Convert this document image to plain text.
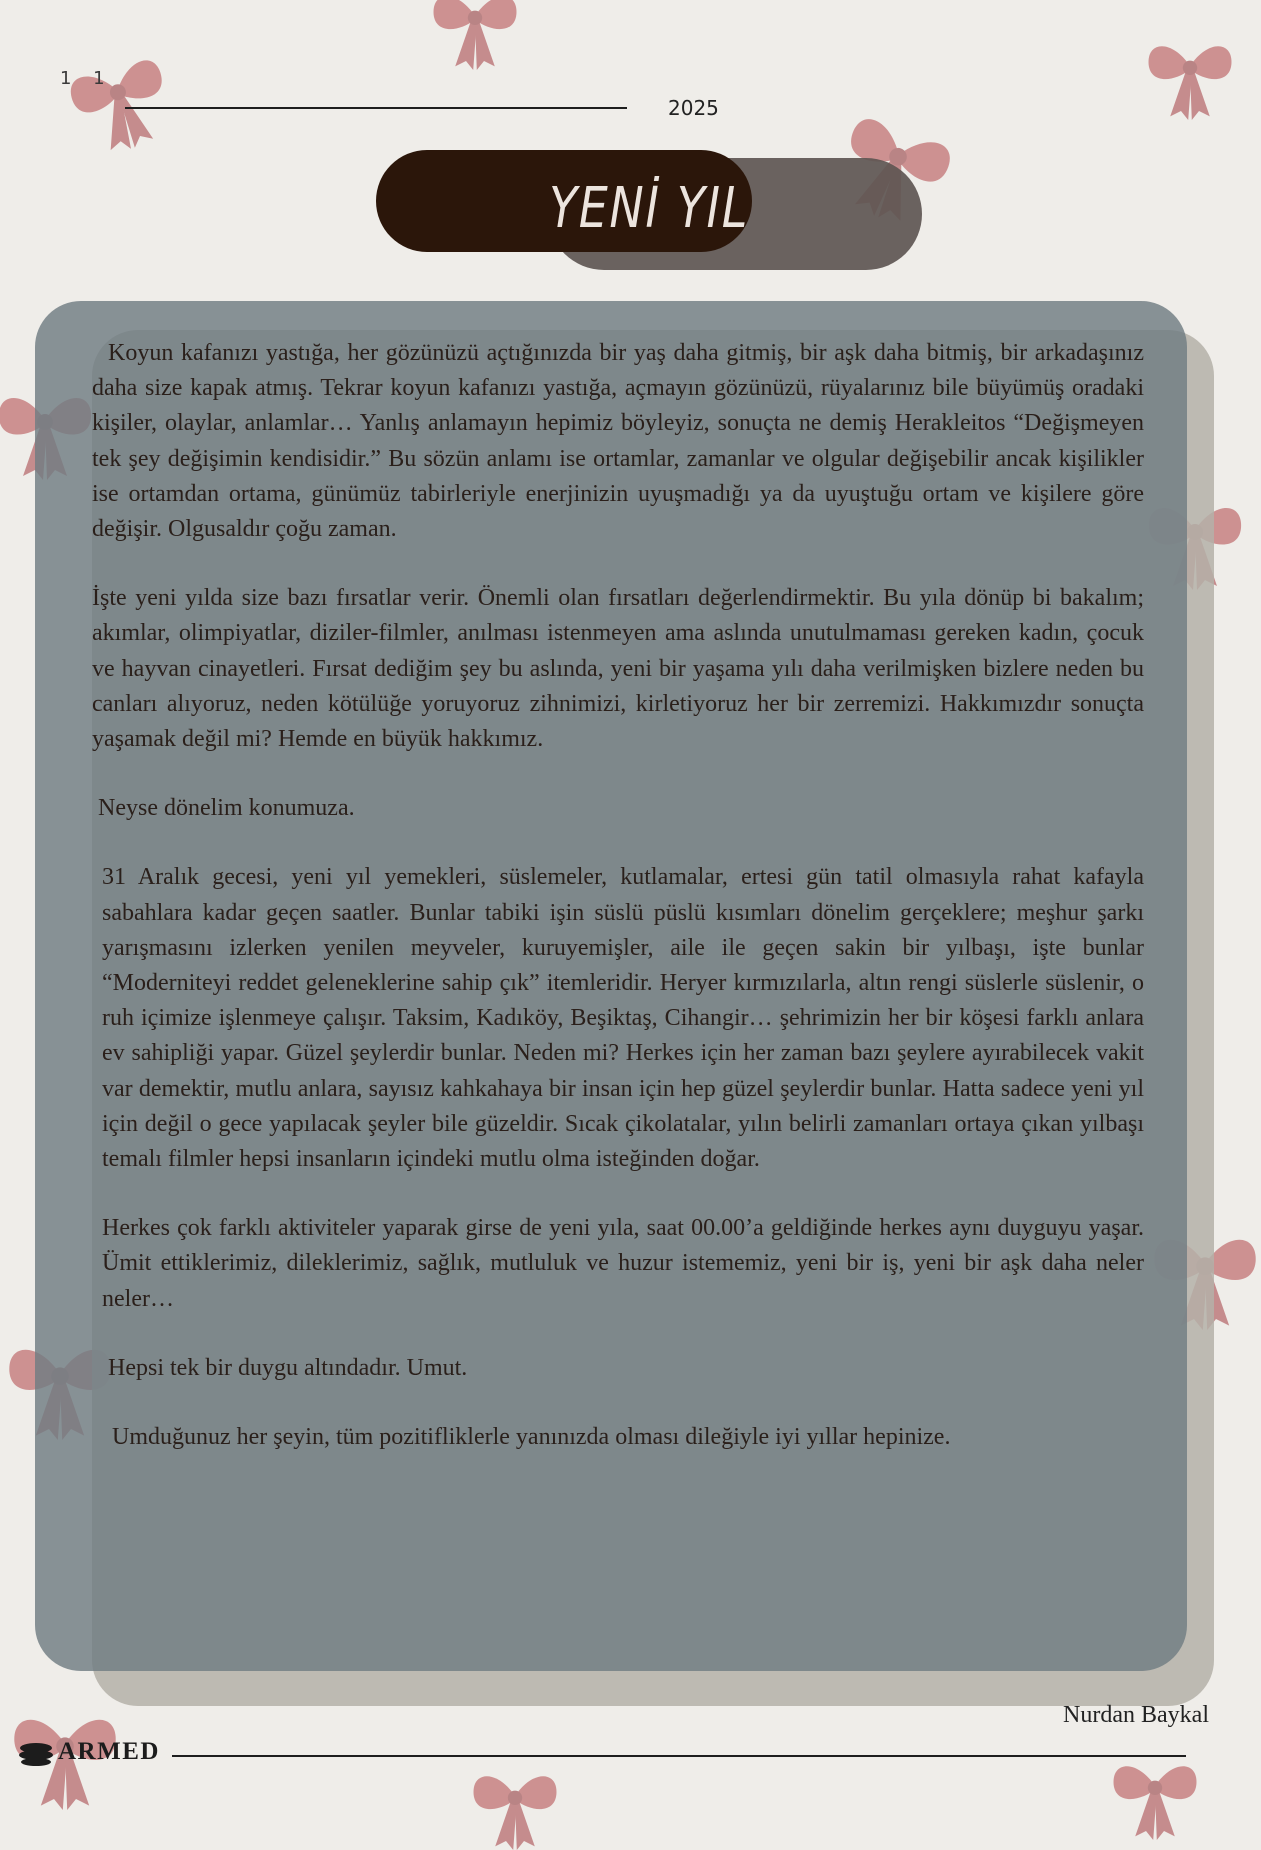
1 1
2025
YENİ YIL

Koyun kafanızı yastığa, her gözünüzü açtığınızda bir yaş daha gitmiş, bir aşk daha bitmiş, bir arkadaşınız daha size kapak atmış. Tekrar koyun kafanızı yastığa, açmayın gözünüzü, rüyalarınız bile büyümüş oradaki kişiler, olaylar, anlamlar… Yanlış anlamayın hepimiz böyleyiz, sonuçta ne demiş Herakleitos “Değişmeyen tek şey değişimin kendisidir.” Bu sözün anlamı ise ortamlar, zamanlar ve olgular değişebilir ancak kişilikler ise ortamdan ortama, günümüz tabirleriyle enerjinizin uyuşmadığı ya da uyuştuğu ortam ve kişilere göre değişir. Olgusaldır çoğu zaman.

İşte yeni yılda size bazı fırsatlar verir. Önemli olan fırsatları değerlendirmektir. Bu yıla dönüp bi bakalım; akımlar, olimpiyatlar, diziler-filmler, anılması istenmeyen ama aslında unutulmaması gereken kadın, çocuk ve hayvan cinayetleri. Fırsat dediğim şey bu aslında, yeni bir yaşama yılı daha verilmişken bizlere neden bu canları alıyoruz, neden kötülüğe yoruyoruz zihnimizi, kirletiyoruz her bir zerremizi. Hakkımızdır sonuçta yaşamak değil mi? Hemde en büyük hakkımız.

Neyse dönelim konumuza.

31 Aralık gecesi, yeni yıl yemekleri, süslemeler, kutlamalar, ertesi gün tatil olmasıyla rahat kafayla sabahlara kadar geçen saatler. Bunlar tabiki işin süslü püslü kısımları dönelim gerçeklere; meşhur şarkı yarışmasını izlerken yenilen meyveler, kuruyemişler, aile ile geçen sakin bir yılbaşı, işte bunlar “Moderniteyi reddet geleneklerine sahip çık” itemleridir. Heryer kırmızılarla, altın rengi süslerle süslenir, o ruh içimize işlenmeye çalışır. Taksim, Kadıköy, Beşiktaş, Cihangir… şehrimizin her bir köşesi farklı anlara ev sahipliği yapar. Güzel şeylerdir bunlar. Neden mi? Herkes için her zaman bazı şeylere ayırabilecek vakit var demektir, mutlu anlara, sayısız kahkahaya bir insan için hep güzel şeylerdir bunlar. Hatta sadece yeni yıl için değil o gece yapılacak şeyler bile güzeldir. Sıcak çikolatalar, yılın belirli zamanları ortaya çıkan yılbaşı temalı filmler hepsi insanların içindeki mutlu olma isteğinden doğar.

Herkes çok farklı aktiviteler yaparak girse de yeni yıla, saat 00.00’a geldiğinde herkes aynı duyguyu yaşar. Ümit ettiklerimiz, dileklerimiz, sağlık, mutluluk ve huzur istememiz, yeni bir iş, yeni bir aşk daha neler neler…

Hepsi tek bir duygu altındadır. Umut.

Umduğunuz her şeyin, tüm pozitifliklerle yanınızda olması dileğiyle iyi yıllar hepinize.

Nurdan Baykal
ARMED
